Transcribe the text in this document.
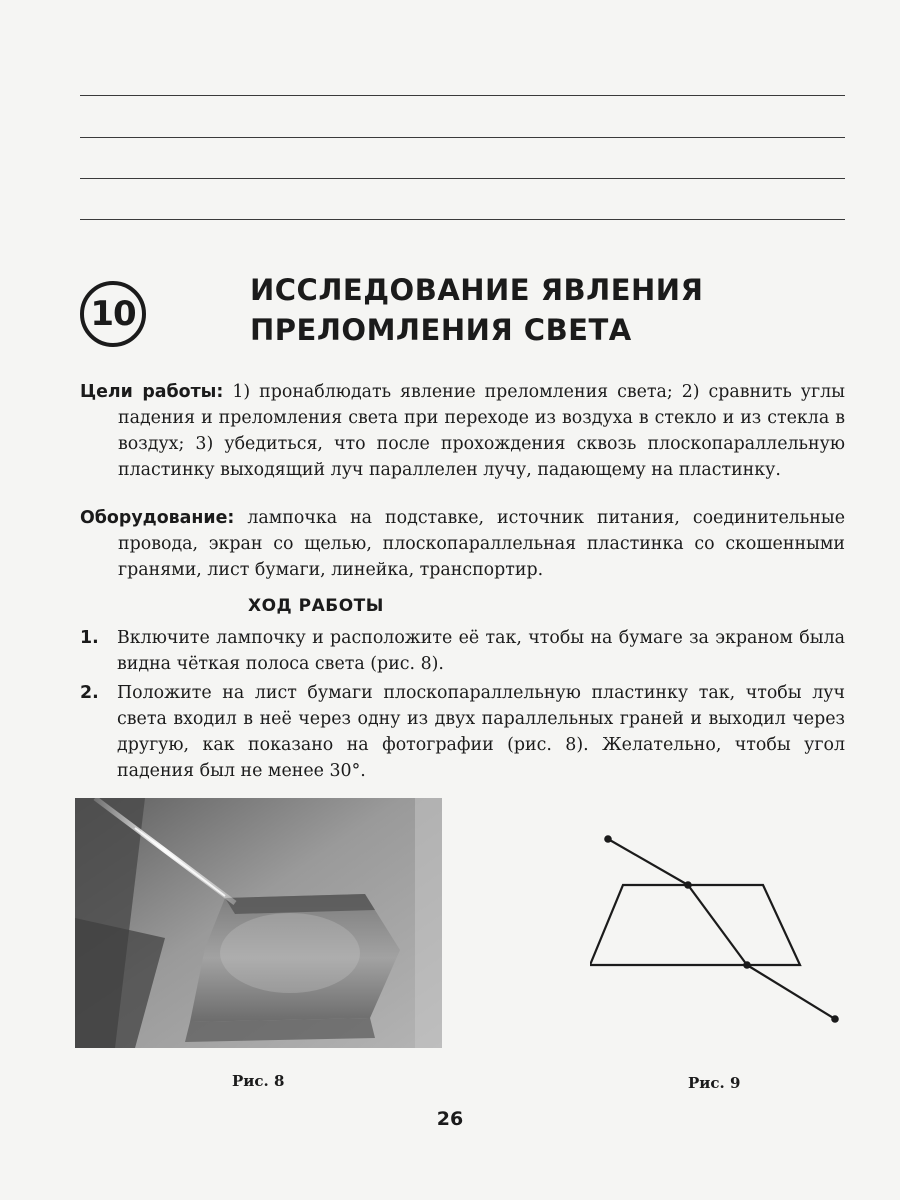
10
ИССЛЕДОВАНИЕ ЯВЛЕНИЯ
ПРЕЛОМЛЕНИЯ СВЕТА

Цели работы: 1) пронаблюдать явление преломления света; 2) сравнить углы падения и преломления света при переходе из воздуха в стекло и из стекла в воздух; 3) убедиться, что после прохождения сквозь плоскопараллельную пластинку выходящий луч параллелен лучу, падающему на пластинку.

Оборудование: лампочка на подставке, источник питания, соединительные провода, экран со щелью, плоскопараллельная пластинка со скошенными гранями, лист бумаги, линейка, транспортир.

ХОД РАБОТЫ
1. Включите лампочку и расположите её так, чтобы на бумаге за экраном была видна чёткая полоса света (рис. 8).
2. Положите на лист бумаги плоскопараллельную пластинку так, чтобы луч света входил в неё через одну из двух параллельных граней и выходил через другую, как показано на фотографии (рис. 8). Желательно, чтобы угол падения был не менее 30°.
Рис. 8	Рис. 9
26
